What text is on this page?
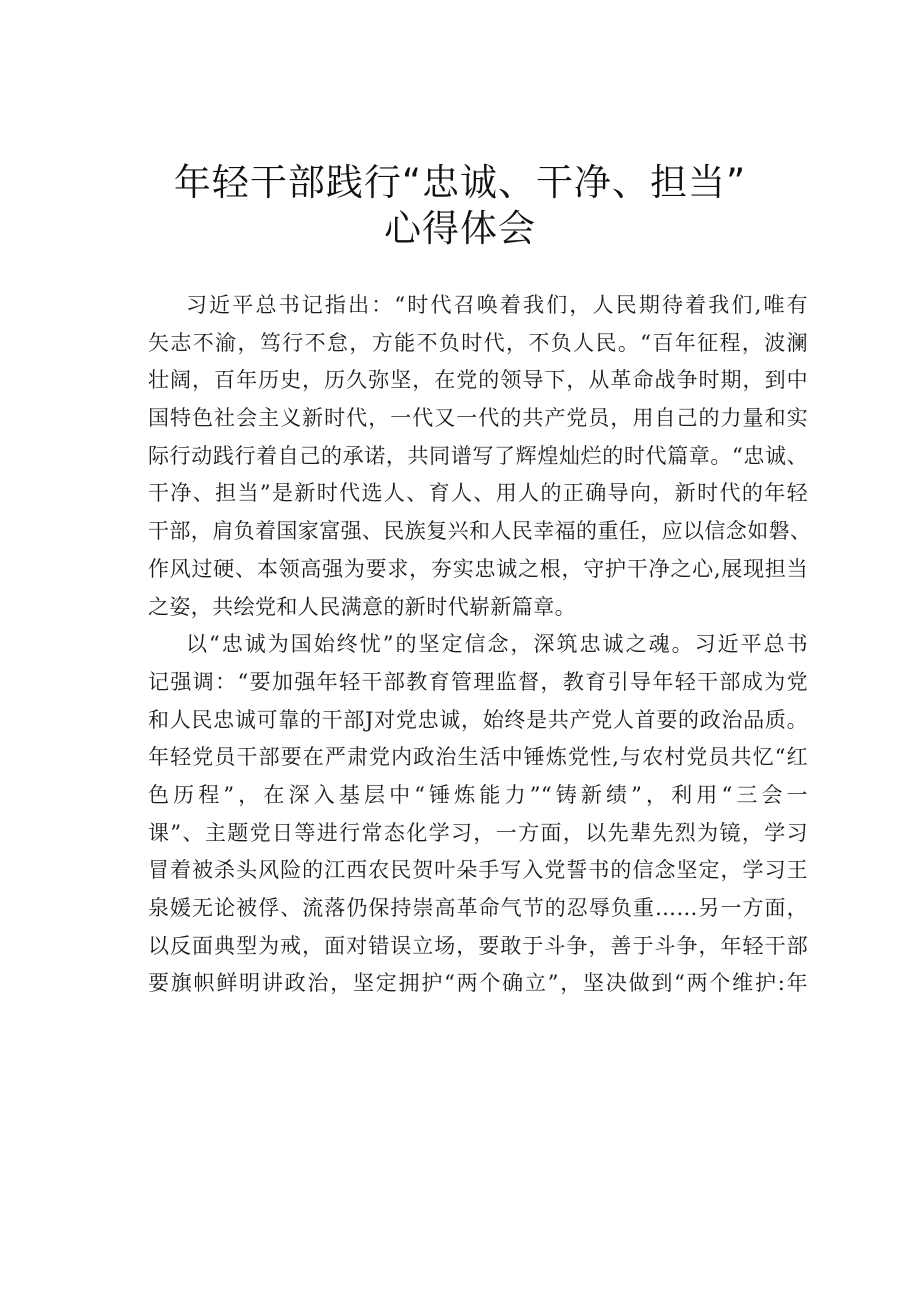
年轻干部践行“忠诚、干净、担当”
心得体会
习近平总书记指出：“时代召唤着我们，人民期待着我们,唯有
矢志不渝，笃行不怠，方能不负时代，不负人民。“百年征程，波澜
壮阔，百年历史，历久弥坚，在党的领导下，从革命战争时期，到中
国特色社会主义新时代，一代又一代的共产党员，用自己的力量和实
际行动践行着自己的承诺，共同谱写了辉煌灿烂的时代篇章。“忠诚、
干净、担当”是新时代选人、育人、用人的正确导向，新时代的年轻
干部，肩负着国家富强、民族复兴和人民幸福的重任，应以信念如磐、
作风过硬、本领高强为要求，夯实忠诚之根，守护干净之心,展现担当
之姿，共绘党和人民满意的新时代崭新篇章。
以“忠诚为国始终忧”的坚定信念，深筑忠诚之魂。习近平总书
记强调：“要加强年轻干部教育管理监督，教育引导年轻干部成为党
和人民忠诚可靠的干部J对党忠诚，始终是共产党人首要的政治品质。
年轻党员干部要在严肃党内政治生活中锤炼党性,与农村党员共忆“红
色历程”，在深入基层中“锤炼能力”“铸新绩”，利用“三会一
课”、主题党日等进行常态化学习，一方面，以先辈先烈为镜，学习
冒着被杀头风险的江西农民贺叶朵手写入党誓书的信念坚定，学习王
泉媛无论被俘、流落仍保持崇高革命气节的忍辱负重……另一方面，
以反面典型为戒，面对错误立场，要敢于斗争，善于斗争，年轻干部
要旗帜鲜明讲政治，坚定拥护“两个确立”，坚决做到“两个维护:年
